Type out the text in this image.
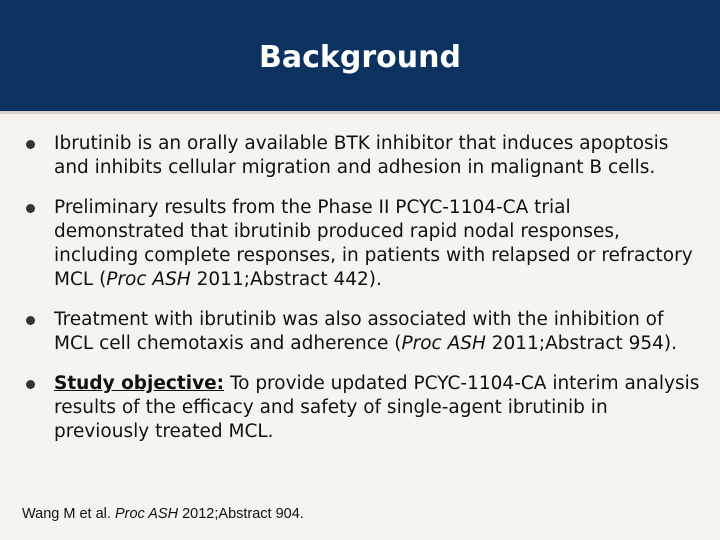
Background
Ibrutinib is an orally available BTK inhibitor that induces apoptosis and inhibits cellular migration and adhesion in malignant B cells.
Preliminary results from the Phase II PCYC-1104-CA trial demonstrated that ibrutinib produced rapid nodal responses, including complete responses, in patients with relapsed or refractory MCL (Proc ASH 2011;Abstract 442).
Treatment with ibrutinib was also associated with the inhibition of MCL cell chemotaxis and adherence (Proc ASH 2011;Abstract 954).
Study objective: To provide updated PCYC-1104-CA interim analysis results of the efficacy and safety of single-agent ibrutinib in previously treated MCL.
Wang M et al. Proc ASH 2012;Abstract 904.
